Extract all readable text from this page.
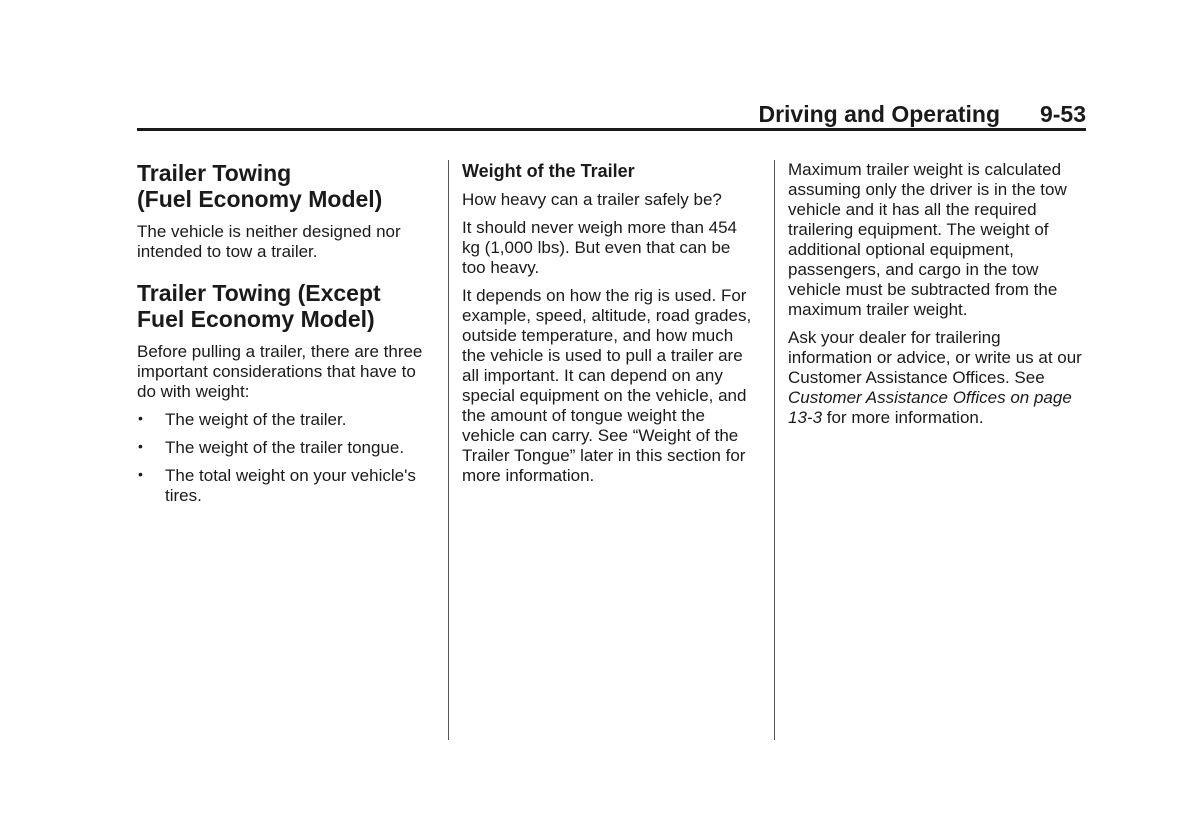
Driving and Operating 9-53
Trailer Towing
(Fuel Economy Model)

The vehicle is neither designed nor intended to tow a trailer.

Trailer Towing (Except
Fuel Economy Model)

Before pulling a trailer, there are three important considerations that have to do with weight:

• The weight of the trailer.
• The weight of the trailer tongue.
• The total weight on your vehicle's tires.
Weight of the Trailer

How heavy can a trailer safely be?

It should never weigh more than 454 kg (1,000 lbs). But even that can be too heavy.

It depends on how the rig is used. For example, speed, altitude, road grades, outside temperature, and how much the vehicle is used to pull a trailer are all important. It can depend on any special equipment on the vehicle, and the amount of tongue weight the vehicle can carry. See “Weight of the Trailer Tongue” later in this section for more information.

Maximum trailer weight is calculated assuming only the driver is in the tow vehicle and it has all the required trailering equipment. The weight of additional optional equipment, passengers, and cargo in the tow vehicle must be subtracted from the maximum trailer weight.

Ask your dealer for trailering information or advice, or write us at our Customer Assistance Offices. See Customer Assistance Offices on page 13-3 for more information.
